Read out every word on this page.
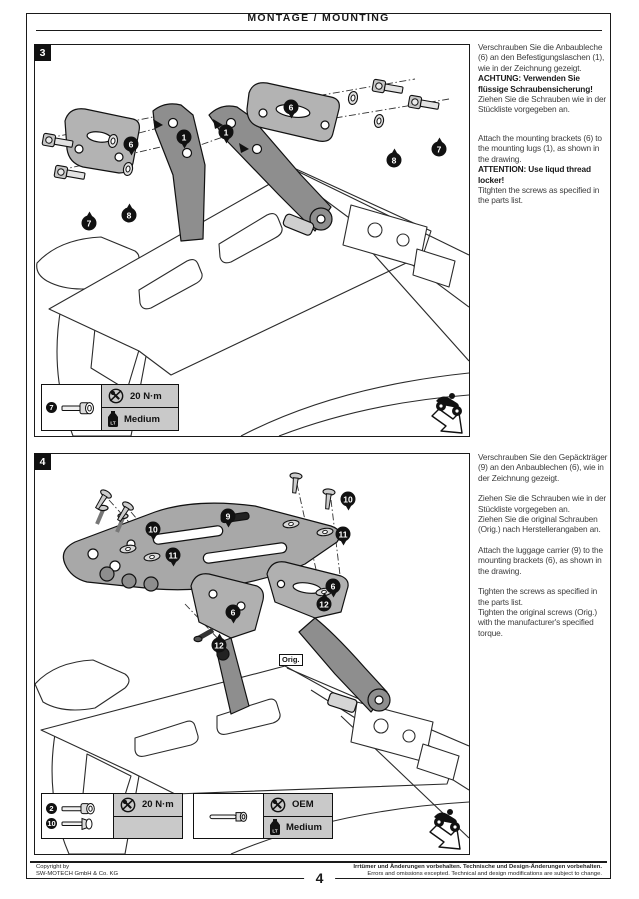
MONTAGE / MOUNTING
3
6
1	1
6
7
8
8
7
7
20 N·m
LT Medium
4
9
10
11
10
11
6
12
6
12
Orig.
2
10
20 N·m	OEM
LT Medium
Verschrauben Sie die Anbaubleche (6) an den Befestigungslaschen (1), wie in der Zeichnung gezeigt.
ACHTUNG: Verwenden Sie flüssige Schraubensicherung!
Ziehen Sie die Schrauben wie in der Stückliste vorgegeben an.
Attach the mounting brackets (6) to the mounting lugs (1), as shown in the drawing.
ATTENTION: Use liqud thread locker!
Titghten the screws as specified in the parts list.
Verschrauben Sie den Gepäckträger (9) an den Anbaublechen (6), wie in der Zeichnung gezeigt.
Ziehen Sie die Schrauben wie in der Stückliste vorgegeben an.
Ziehen Sie die original Schrauben (Orig.) nach Herstellerangaben an.
Attach the luggage carrier (9) to the mounting brackets (6), as shown in the drawing.
Tighten the screws as specified in the parts list.
Tighten the original screws (Orig.) with the manufacturer's specified torque.
Copyright by
SW-MOTECH GmbH & Co. KG
Irrtümer und Änderungen vorbehalten. Technische und Design-Änderungen vorbehalten.
Errors and omissions excepted. Technical and design modifications are subject to change.
4
